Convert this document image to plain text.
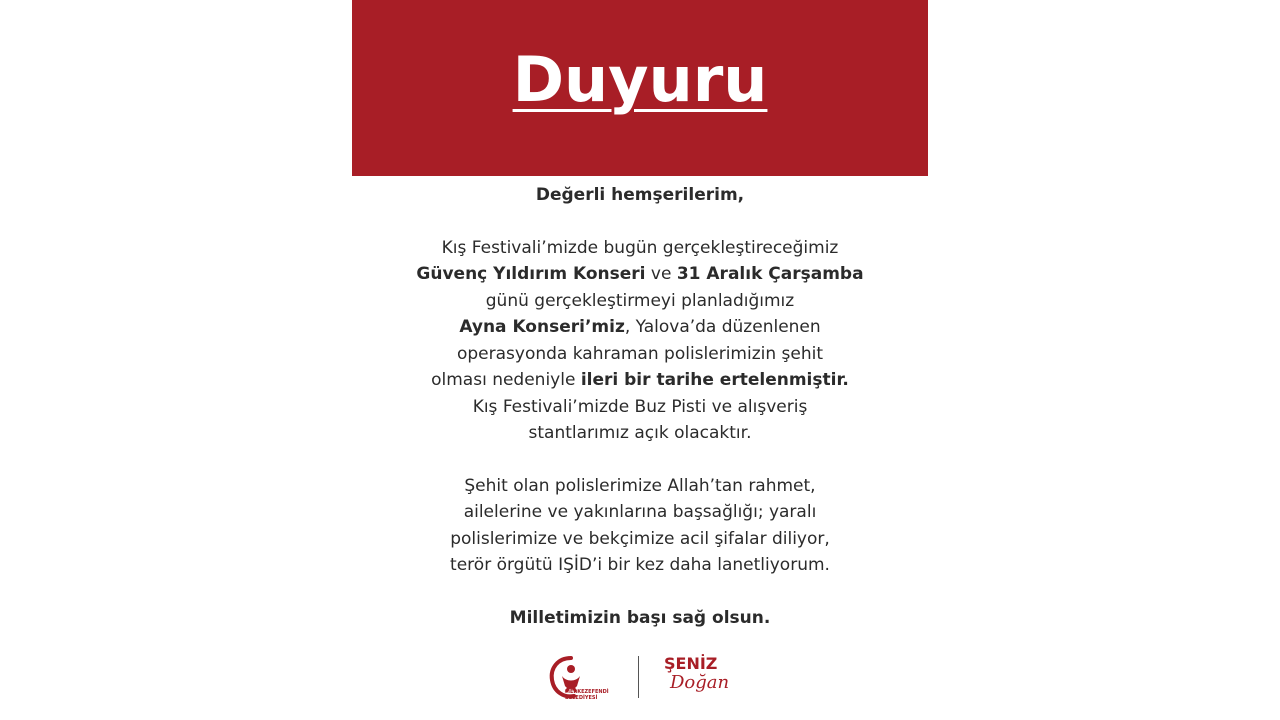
Duyuru

Değerli hemşerilerim,

Kış Festivali’mizde bugün gerçekleştireceğimiz
Güvenç Yıldırım Konseri ve 31 Aralık Çarşamba
günü gerçekleştirmeyi planladığımız
Ayna Konseri’miz, Yalova’da düzenlenen
operasyonda kahraman polislerimizin şehit
olması nedeniyle ileri bir tarihe ertelenmiştir.
Kış Festivali’mizde Buz Pisti ve alışveriş
stantlarımız açık olacaktır.

Şehit olan polislerimize Allah’tan rahmet,
ailelerine ve yakınlarına başsağlığı; yaralı
polislerimize ve bekçimize acil şifalar diliyor,
terör örgütü IŞİD’i bir kez daha lanetliyorum.

Milletimizin başı sağ olsun.

T.C.
MERKEZEFENDİ
BELEDİYESİ
ŞENİZ
Doğan
